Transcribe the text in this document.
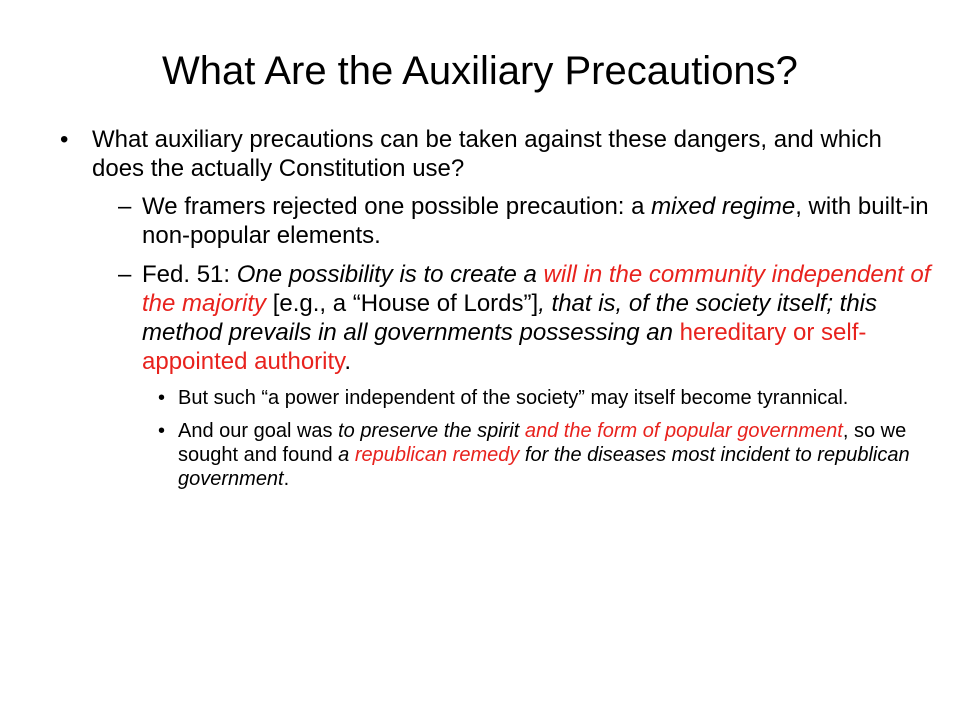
What Are the Auxiliary Precautions?
• What auxiliary precautions can be taken against these dangers, and which does the actually Constitution use?
– We framers rejected one possible precaution: a mixed regime, with built-in non-popular elements.
– Fed. 51: One possibility is to create a will in the community independent of the majority [e.g., a “House of Lords”], that is, of the society itself; this method prevails in all governments possessing an hereditary or self-appointed authority.
• But such “a power independent of the society” may itself become tyrannical.
• And our goal was to preserve the spirit and the form of popular government, so we sought and found a republican remedy for the diseases most incident to republican government.
